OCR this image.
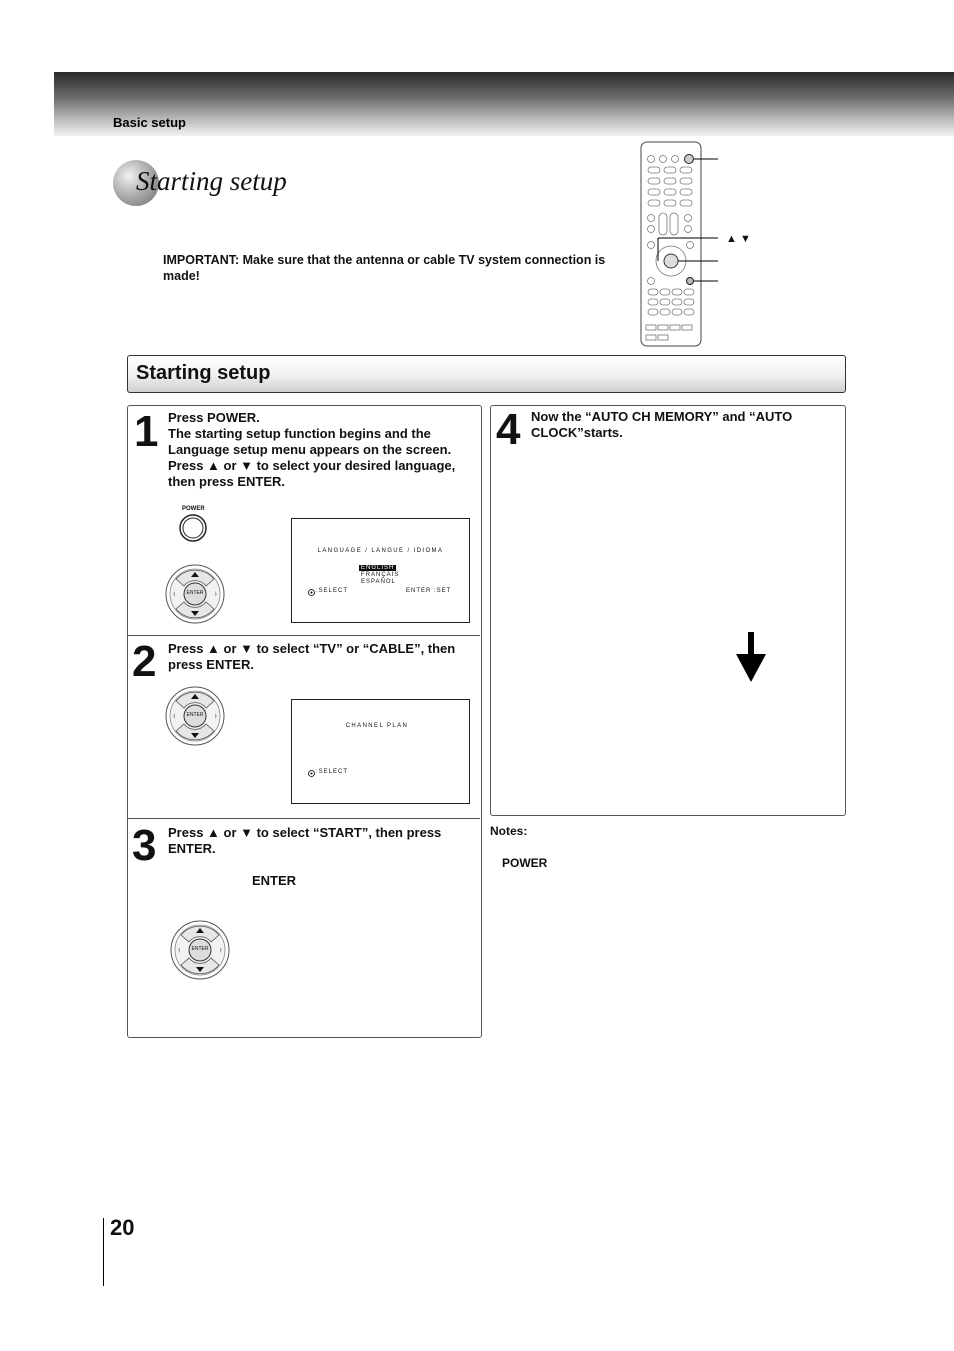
Basic setup
Starting setup
IMPORTANT: Make sure that the antenna or cable TV system connection is made!
▲ ▼
Starting setup
1 Press POWER.
The starting setup function begins and the
Language setup menu appears on the screen.
Press ▲ or ▼ to select your desired language,
then press ENTER.
POWER
ENTER
LANGUAGE / LANGUE / IDIOMA
ENGLISH
FRANÇAIS
ESPAÑOL
:SELECT	ENTER :SET
2 Press ▲ or ▼ to select “TV” or “CABLE”, then
press ENTER.
ENTER
CHANNEL PLAN
:SELECT
3 Press ▲ or ▼ to select “START”, then press
ENTER.
ENTER
ENTER
4 Now the “AUTO CH MEMORY” and “AUTO
CLOCK”starts.
Notes:
POWER
20
